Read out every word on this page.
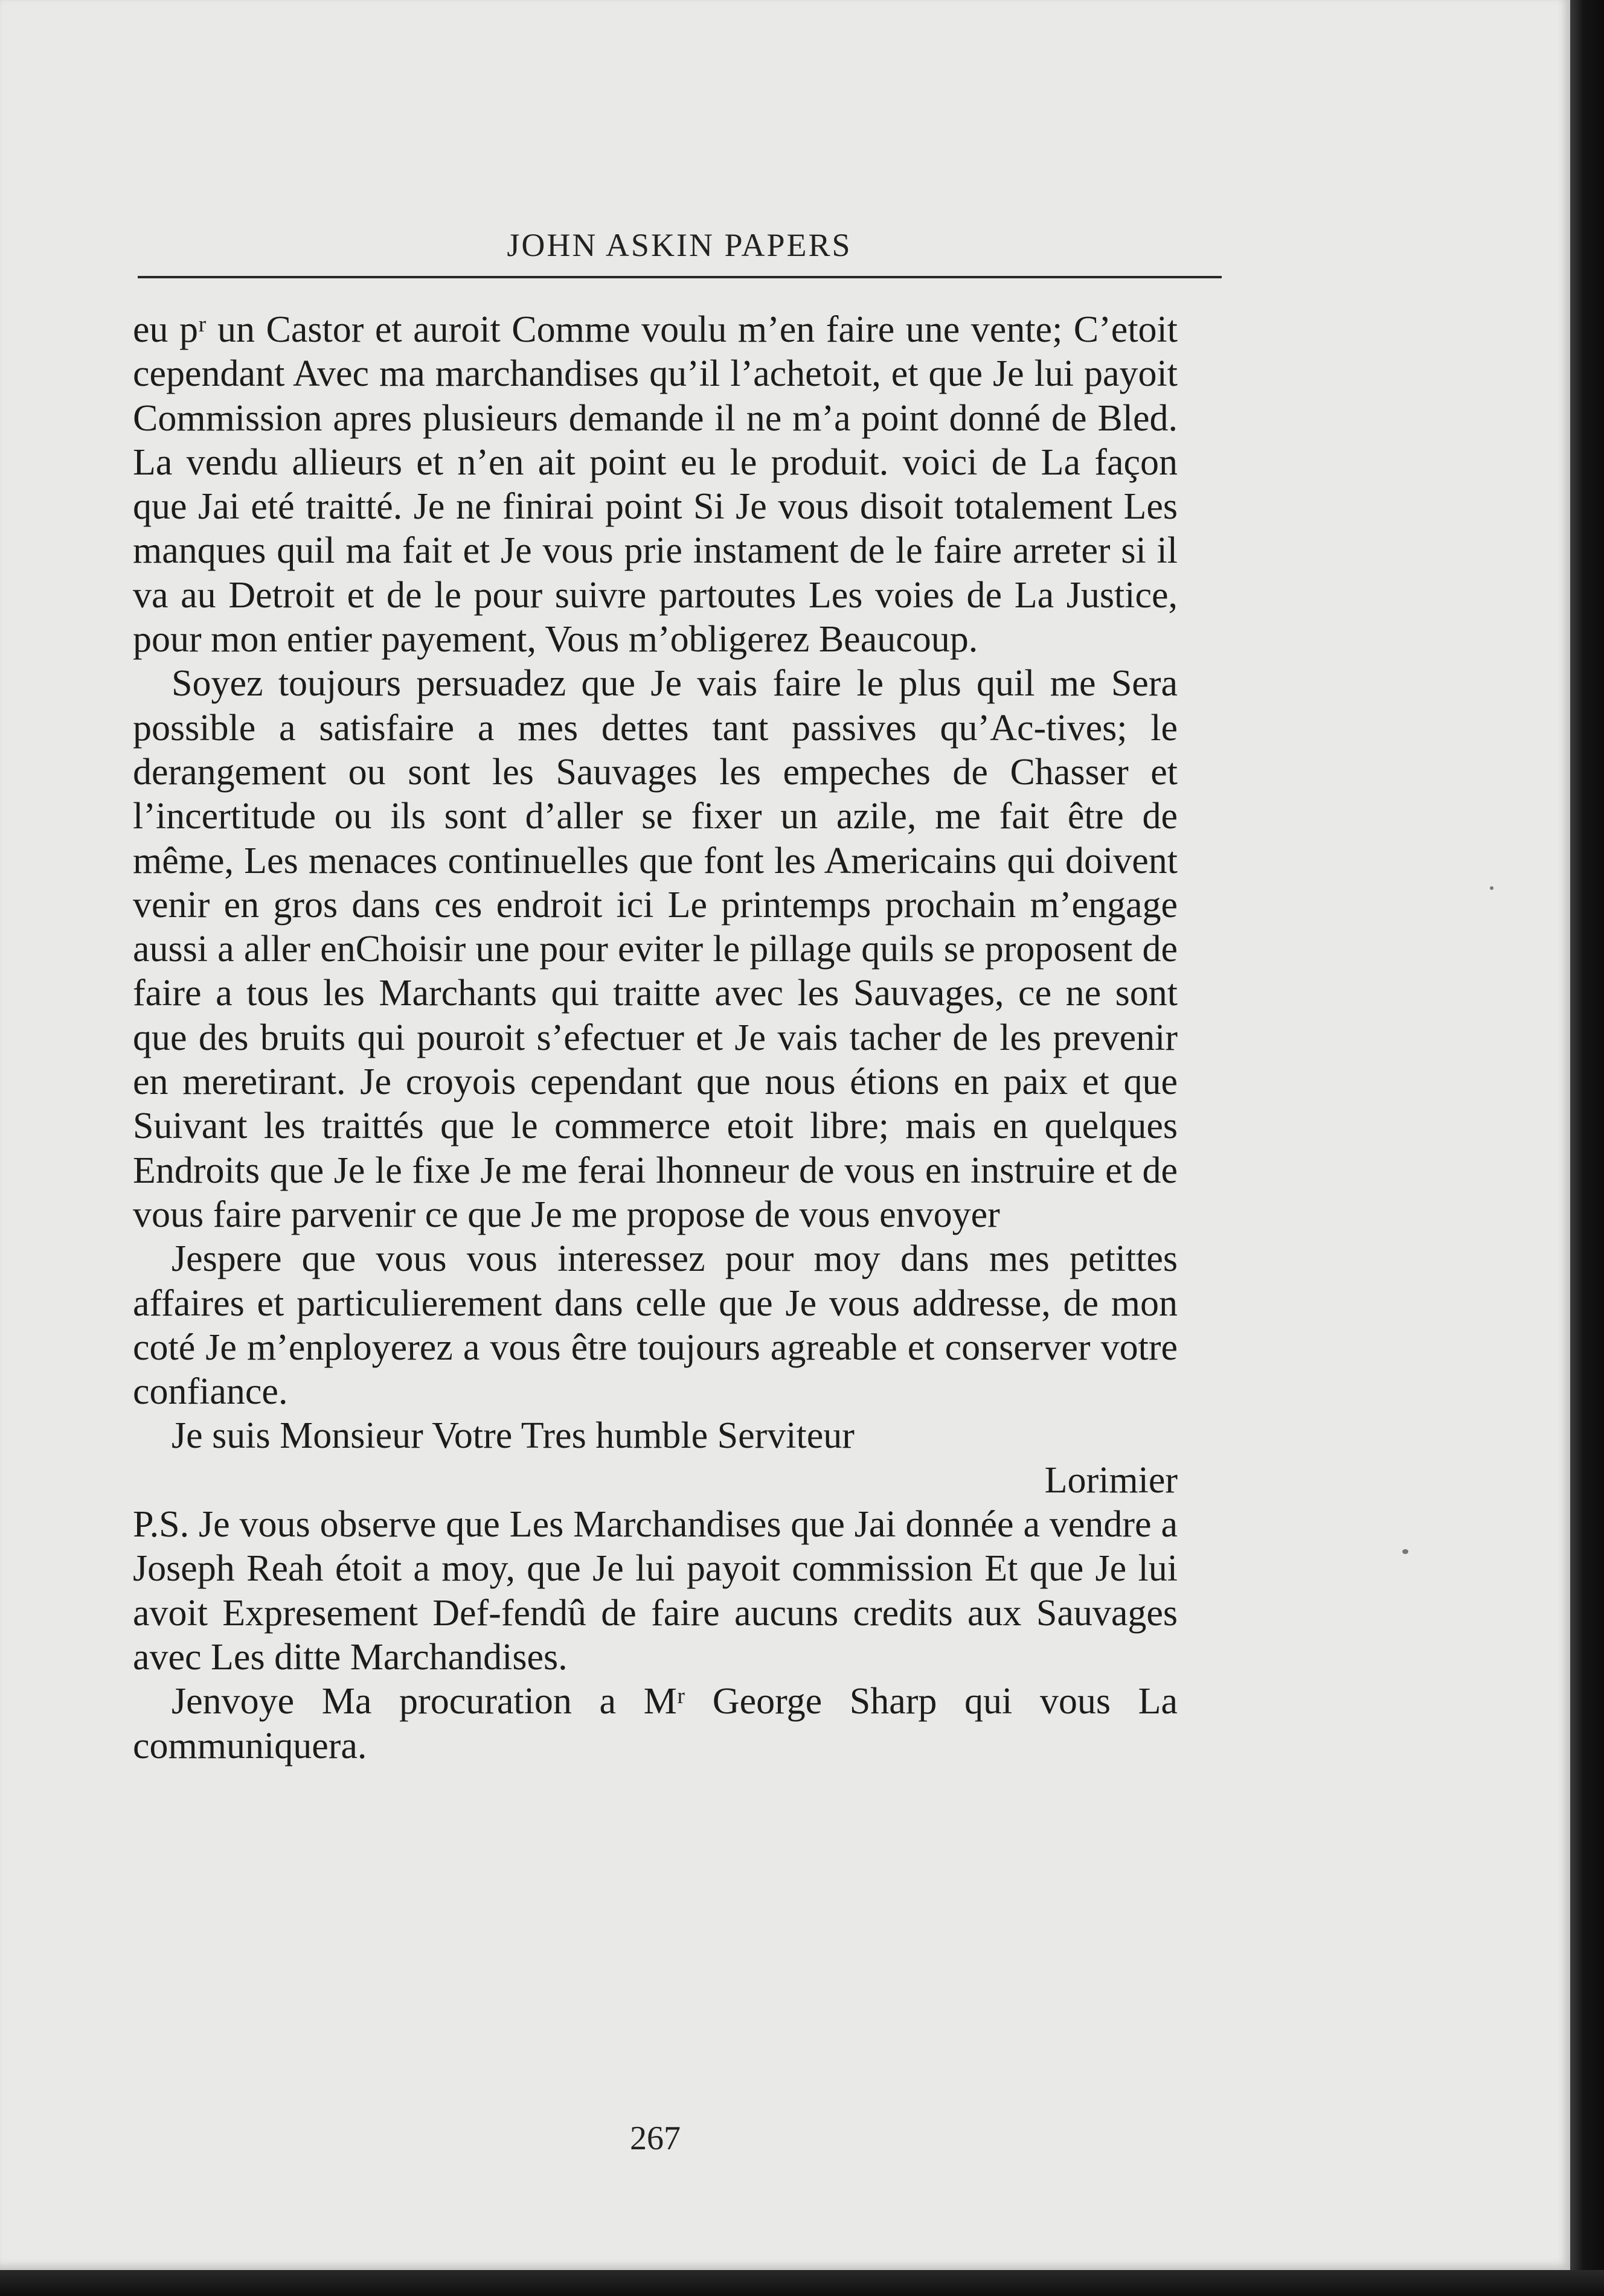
JOHN ASKIN PAPERS

eu pʳ un Castor et auroit Comme voulu m’en faire une vente; C’etoit cependant Avec ma marchandises qu’il l’achetoit, et que Je lui payoit Commission apres plusieurs demande il ne m’a point donné de Bled. La vendu allieurs et n’en ait point eu le produit. voici de La façon que Jai eté traitté. Je ne finirai point Si Je vous disoit totalement Les manques quil ma fait et Je vous prie instament de le faire arreter si il va au Detroit et de le pour suivre partoutes Les voies de La Justice, pour mon entier payement, Vous m’obligerez Beaucoup.

Soyez toujours persuadez que Je vais faire le plus quil me Sera possible a satisfaire a mes dettes tant passives qu’Ac-tives; le derangement ou sont les Sauvages les empeches de Chasser et l’incertitude ou ils sont d’aller se fixer un azile, me fait être de même, Les menaces continuelles que font les Americains qui doivent venir en gros dans ces endroit ici Le printemps prochain m’engage aussi a aller enChoisir une pour eviter le pillage quils se proposent de faire a tous les Marchants qui traitte avec les Sauvages, ce ne sont que des bruits qui pouroit s’efectuer et Je vais tacher de les prevenir en meretirant. Je croyois cependant que nous étions en paix et que Suivant les traittés que le commerce etoit libre; mais en quelques Endroits que Je le fixe Je me ferai lhonneur de vous en instruire et de vous faire parvenir ce que Je me propose de vous envoyer

Jespere que vous vous interessez pour moy dans mes petittes affaires et particulierement dans celle que Je vous addresse, de mon coté Je m’enployerez a vous être toujours agreable et conserver votre confiance.

Je suis Monsieur Votre Tres humble Serviteur

Lorimier

P.S. Je vous observe que Les Marchandises que Jai donnée a vendre a Joseph Reah étoit a moy, que Je lui payoit commission Et que Je lui avoit Expresement Def-fendû de faire aucuns credits aux Sauvages avec Les ditte Marchandises.

Jenvoye Ma procuration a Mʳ George Sharp qui vous La communiquera.

267
